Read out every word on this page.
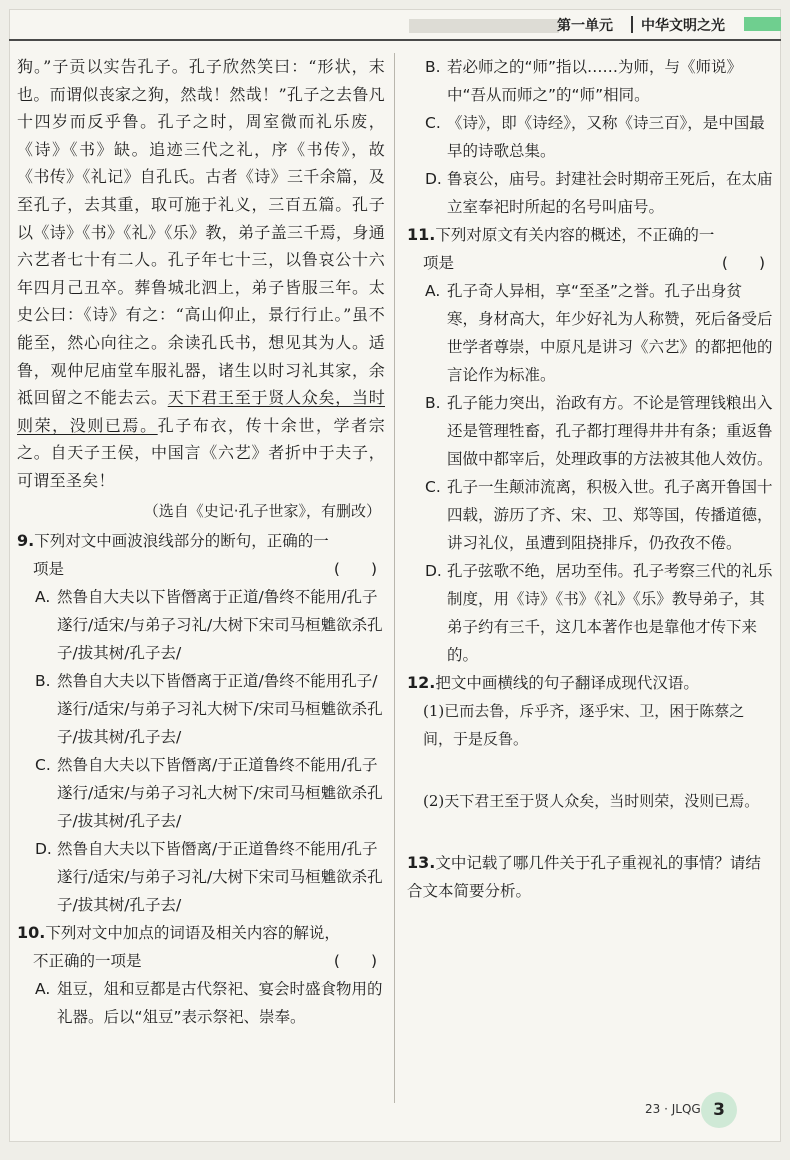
第一单元 中华文明之光

狗。”子贡以实告孔子。孔子欣然笑曰：“形状，末也。而谓似丧家之狗，然哉！然哉！”孔子之去鲁凡十四岁而反乎鲁。孔子之时，周室微而礼乐废，《诗》《书》缺。追迹三代之礼，序《书传》，故《书传》《礼记》自孔氏。古者《诗》三千余篇，及至孔子，去其重，取可施于礼义，三百五篇。孔子以《诗》《书》《礼》《乐》教，弟子盖三千焉，身通六艺者七十有二人。孔子年七十三，以鲁哀公十六年四月己丑卒。葬鲁城北泗上，弟子皆服三年。太史公曰：《诗》有之：“高山仰止，景行行止。”虽不能至，然心向往之。余读孔氏书，想见其为人。适鲁，观仲尼庙堂车服礼器，诸生以时习礼其家，余祗回留之不能去云。天下君王至于贤人众矣，当时则荣，没则已焉。孔子布衣，传十余世，学者宗之。自天子王侯，中国言《六艺》者折中于夫子，可谓至圣矣！

（选自《史记·孔子世家》，有删改）
9.下列对文中画波浪线部分的断句，正确的一
项是	(　　)

A. 然鲁自大夫以下皆僭离于正道/鲁终不能用/孔子遂行/适宋/与弟子习礼/大树下宋司马桓魋欲杀孔子/拔其树/孔子去/

B. 然鲁自大夫以下皆僭离于正道/鲁终不能用孔子/遂行/适宋/与弟子习礼大树下/宋司马桓魋欲杀孔子/拔其树/孔子去/

C. 然鲁自大夫以下皆僭离/于正道鲁终不能用/孔子遂行/适宋/与弟子习礼大树下/宋司马桓魋欲杀孔子/拔其树/孔子去/

D. 然鲁自大夫以下皆僭离/于正道鲁终不能用/孔子遂行/适宋/与弟子习礼/大树下宋司马桓魋欲杀孔子/拔其树/孔子去/

10.下列对文中加点的词语及相关内容的解说，
不正确的一项是	(　　)

A. 俎豆，俎和豆都是古代祭祀、宴会时盛食物用的礼器。后以“俎豆”表示祭祀、崇奉。

B. 若必师之的“师”指以……为师，与《师说》中“吾从而师之”的“师”相同。

C. 《诗》，即《诗经》，又称《诗三百》，是中国最早的诗歌总集。

D. 鲁哀公，庙号。封建社会时期帝王死后，在太庙立室奉祀时所起的名号叫庙号。

11.下列对原文有关内容的概述，不正确的一
项是	(　　)

A. 孔子奇人异相，享“至圣”之誉。孔子出身贫寒，身材高大，年少好礼为人称赞，死后备受后世学者尊崇，中原凡是讲习《六艺》的都把他的言论作为标准。

B. 孔子能力突出，治政有方。不论是管理钱粮出入还是管理牲畜，孔子都打理得井井有条；重返鲁国做中都宰后，处理政事的方法被其他人效仿。

C. 孔子一生颠沛流离，积极入世。孔子离开鲁国十四载，游历了齐、宋、卫、郑等国，传播道德，讲习礼仪，虽遭到阻挠排斥，仍孜孜不倦。

D. 孔子弦歌不绝，居功至伟。孔子考察三代的礼乐制度，用《诗》《书》《礼》《乐》教导弟子，其弟子约有三千，这几本著作也是靠他才传下来的。

12.把文中画横线的句子翻译成现代汉语。

(1)已而去鲁，斥乎齐，逐乎宋、卫，困于陈蔡之间，于是反鲁。

(2)天下君王至于贤人众矣，当时则荣，没则已焉。

13.文中记载了哪几件关于孔子重视礼的事情？请结合文本简要分析。
23 · JLQG 3
